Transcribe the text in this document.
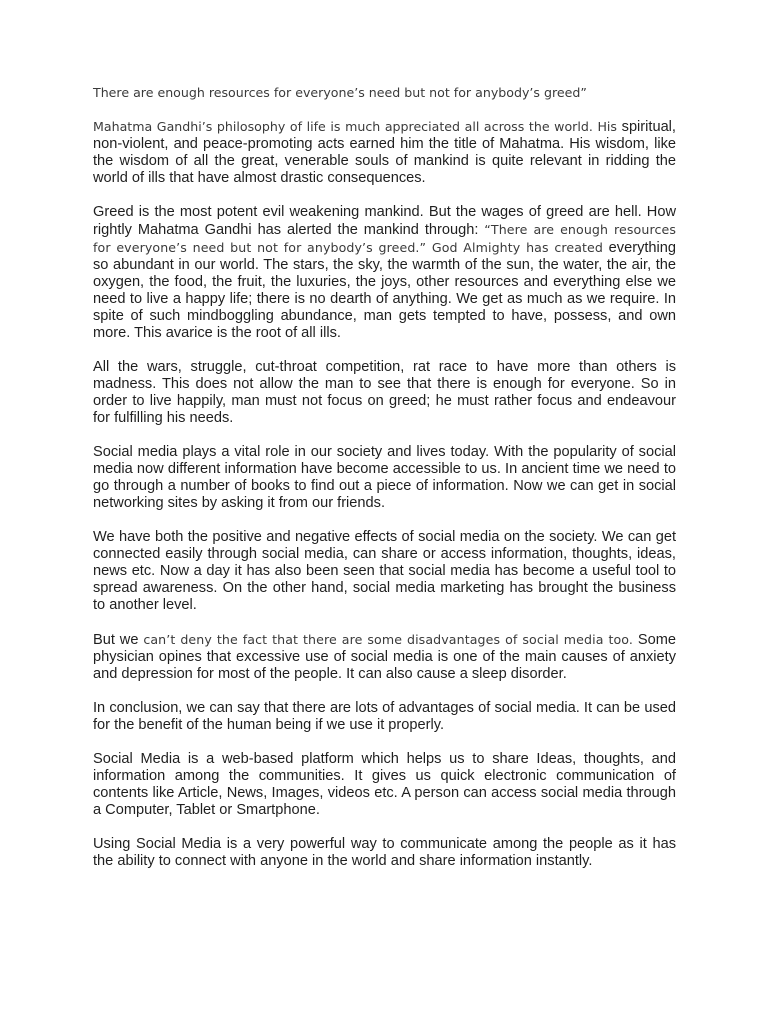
There are enough resources for everyone’s need but not for anybody’s greed”

Mahatma Gandhi’s philosophy of life is much appreciated all across the world. His spiritual, non-violent, and peace-promoting acts earned him the title of Mahatma. His wisdom, like the wisdom of all the great, venerable souls of mankind is quite relevant in ridding the world of ills that have almost drastic consequences.

Greed is the most potent evil weakening mankind. But the wages of greed are hell. How rightly Mahatma Gandhi has alerted the mankind through: “There are enough resources for everyone’s need but not for anybody’s greed.” God Almighty has created everything so abundant in our world. The stars, the sky, the warmth of the sun, the water, the air, the oxygen, the food, the fruit, the luxuries, the joys, other resources and everything else we need to live a happy life; there is no dearth of anything. We get as much as we require. In spite of such mindboggling abundance, man gets tempted to have, possess, and own more. This avarice is the root of all ills.

All the wars, struggle, cut-throat competition, rat race to have more than others is madness. This does not allow the man to see that there is enough for everyone. So in order to live happily, man must not focus on greed; he must rather focus and endeavour for fulfilling his needs.

Social media plays a vital role in our society and lives today. With the popularity of social media now different information have become accessible to us. In ancient time we need to go through a number of books to find out a piece of information. Now we can get in social networking sites by asking it from our friends.

We have both the positive and negative effects of social media on the society. We can get connected easily through social media, can share or access information, thoughts, ideas, news etc. Now a day it has also been seen that social media has become a useful tool to spread awareness. On the other hand, social media marketing has brought the business to another level.

But we can’t deny the fact that there are some disadvantages of social media too. Some physician opines that excessive use of social media is one of the main causes of anxiety and depression for most of the people. It can also cause a sleep disorder.

In conclusion, we can say that there are lots of advantages of social media. It can be used for the benefit of the human being if we use it properly.

Social Media is a web-based platform which helps us to share Ideas, thoughts, and information among the communities. It gives us quick electronic communication of contents like Article, News, Images, videos etc. A person can access social media through a Computer, Tablet or Smartphone.

Using Social Media is a very powerful way to communicate among the people as it has the ability to connect with anyone in the world and share information instantly.
